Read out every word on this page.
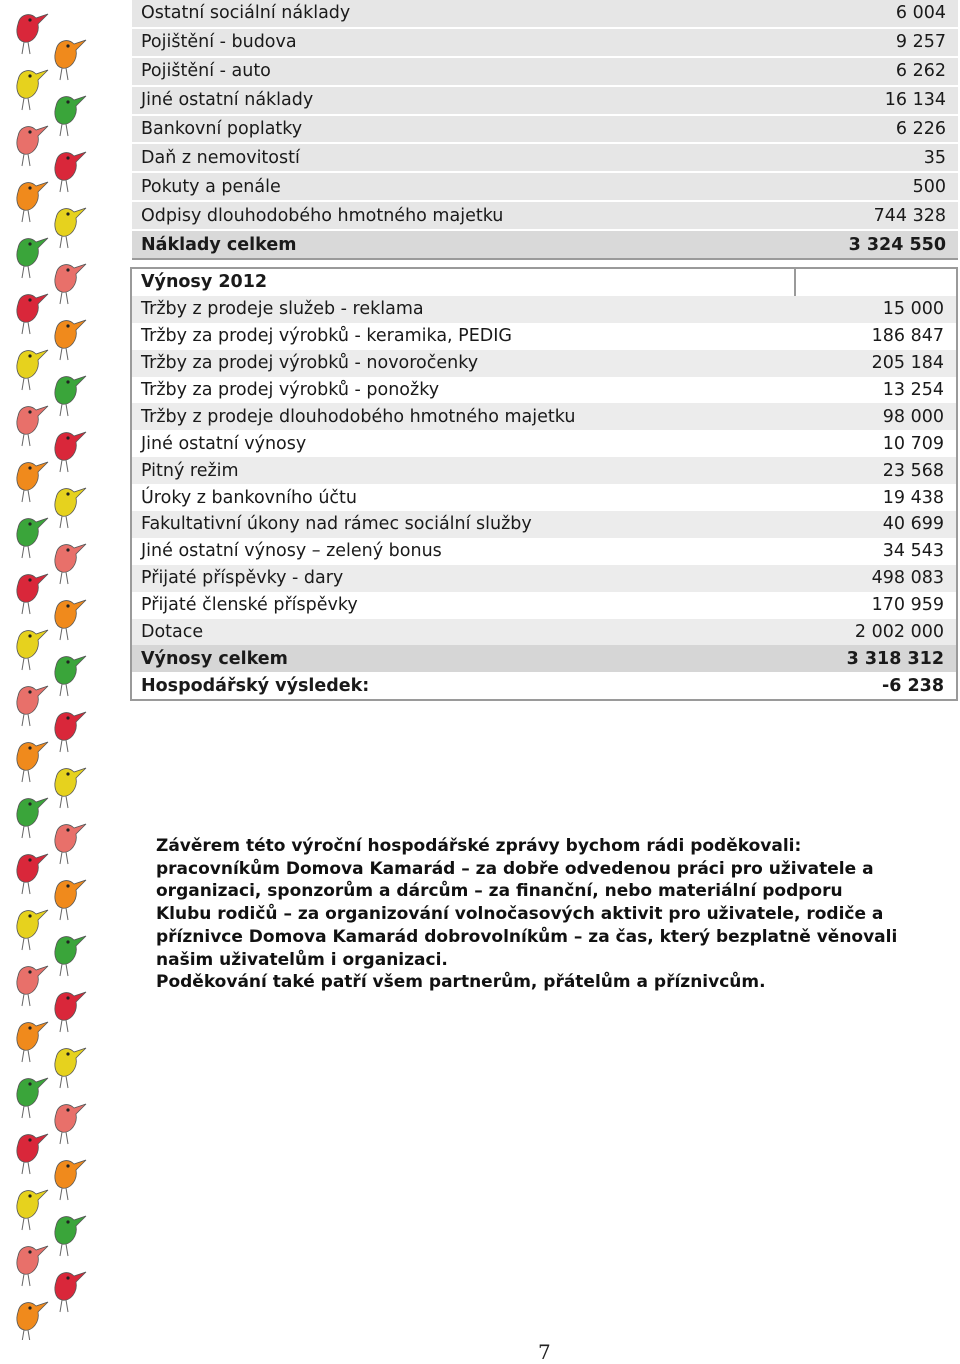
Ostatní sociální náklady	6 004
Pojištění - budova	9 257
Pojištění - auto	6 262
Jiné ostatní náklady	16 134
Bankovní poplatky	6 226
Daň z nemovitostí	35
Pokuty a penále	500
Odpisy dlouhodobého hmotného majetku	744 328
Náklady celkem	3 324 550
Výnosy 2012	
Tržby z prodeje služeb - reklama	15 000
Tržby za prodej výrobků - keramika, PEDIG	186 847
Tržby za prodej výrobků - novoročenky	205 184
Tržby za prodej výrobků - ponožky	13 254
Tržby z prodeje dlouhodobého hmotného majetku	98 000
Jiné ostatní výnosy	10 709
Pitný režim	23 568
Úroky z bankovního účtu	19 438
Fakultativní úkony nad rámec sociální služby	40 699
Jiné ostatní výnosy – zelený bonus	34 543
Přijaté příspěvky - dary	498 083
Přijaté členské příspěvky	170 959
Dotace	2 002 000
Výnosy celkem	3 318 312
Hospodářský výsledek:	-6 238

Závěrem této výroční hospodářské zprávy bychom rádi poděkovali:

pracovníkům Domova Kamarád – za dobře odvedenou práci pro uživatele a

organizaci, sponzorům a dárcům – za finanční, nebo materiální podporu

Klubu rodičů – za organizování volnočasových aktivit pro uživatele, rodiče a

příznivce Domova Kamarád dobrovolníkům – za čas, který bezplatně věnovali

našim uživatelům i organizaci.

Poděkování také patří všem partnerům, přátelům a příznivcům.

7
